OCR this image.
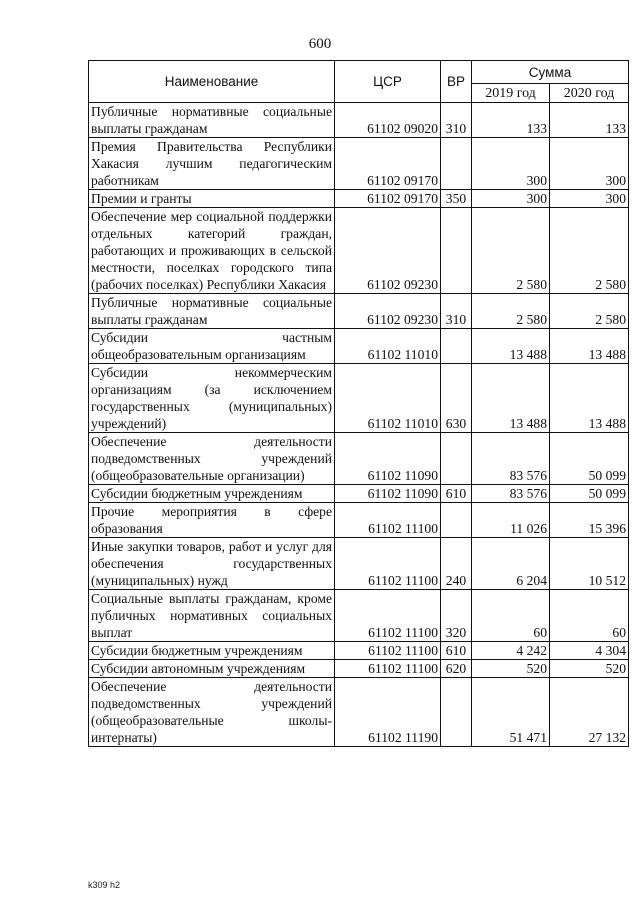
600
Наименование	ЦСР	ВР	Сумма	
			2019 год	2020 год
Публичные нормативные социальные выплаты гражданам	61102 09020	310	133	133
Премия Правительства Республики Хакасия лучшим педагогическим работникам	61102 09170		300	300
Премии и гранты	61102 09170	350	300	300
Обеспечение мер социальной поддержки отдельных категорий граждан, работающих и проживающих в сельской местности, поселках городского типа (рабочих поселках) Республики Хакасия	61102 09230		2 580	2 580
Публичные нормативные социальные выплаты гражданам	61102 09230	310	2 580	2 580
Субсидии частным общеобразовательным организациям	61102 11010		13 488	13 488
Субсидии некоммерческим организациям (за исключением государственных (муниципальных) учреждений)	61102 11010	630	13 488	13 488
Обеспечение деятельности подведомственных учреждений (общеобразовательные организации)	61102 11090		83 576	50 099
Субсидии бюджетным учреждениям	61102 11090	610	83 576	50 099
Прочие мероприятия в сфере образования	61102 11100		11 026	15 396
Иные закупки товаров, работ и услуг для обеспечения государственных (муниципальных) нужд	61102 11100	240	6 204	10 512
Социальные выплаты гражданам, кроме публичных нормативных социальных выплат	61102 11100	320	60	60
Субсидии бюджетным учреждениям	61102 11100	610	4 242	4 304
Субсидии автономным учреждениям	61102 11100	620	520	520
Обеспечение деятельности подведомственных учреждений (общеобразовательные школы-интернаты)	61102 11190		51 471	27 132
k309 h2
